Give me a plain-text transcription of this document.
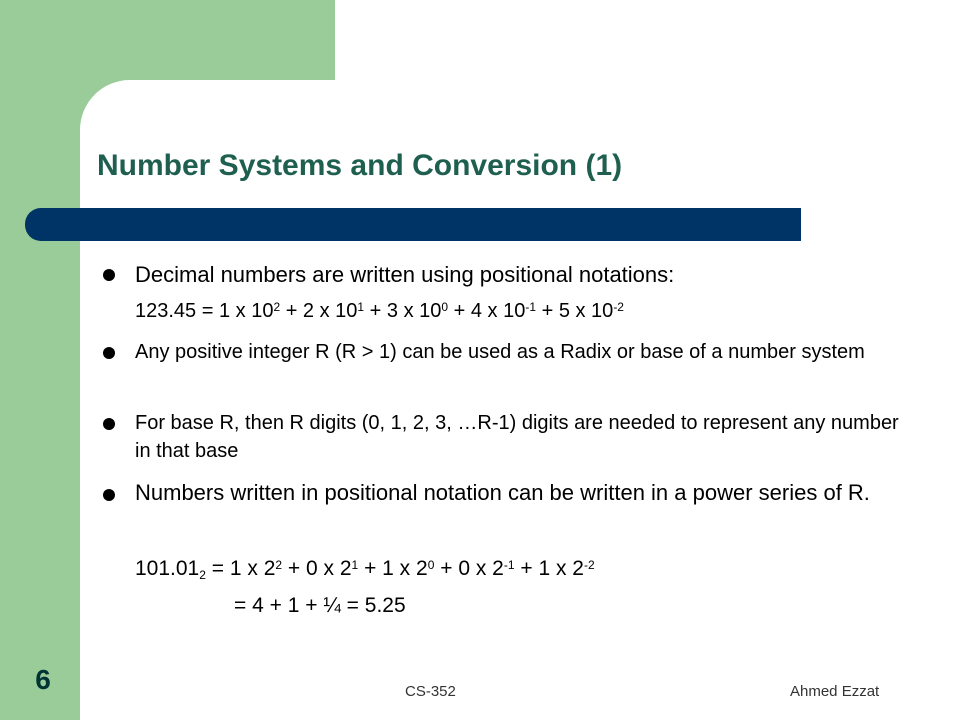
Number Systems and Conversion (1)
Decimal numbers are written using positional notations:
123.45 = 1 x $10^2 + 2$ x $10^1 + 3$ x $10^0 + 4$ x $10^{-1} + 5$ x $10^{-2}$
Any positive integer R (R > 1) can be used as a Radix or base of a number system
For base R, then R digits (0, 1, 2, 3, …R-1) digits are needed to represent any number in that base
Numbers written in positional notation can be written in a power series of R.
$101.01_2 = 1$ x $2^2 + 0$ x $2^1 + 1$ x $2^0 + 0$ x $2^{-1} + 1$ x $2^{-2}$
= 4 + 1 + ¼ = 5.25
6	CS-352	Ahmed Ezzat
